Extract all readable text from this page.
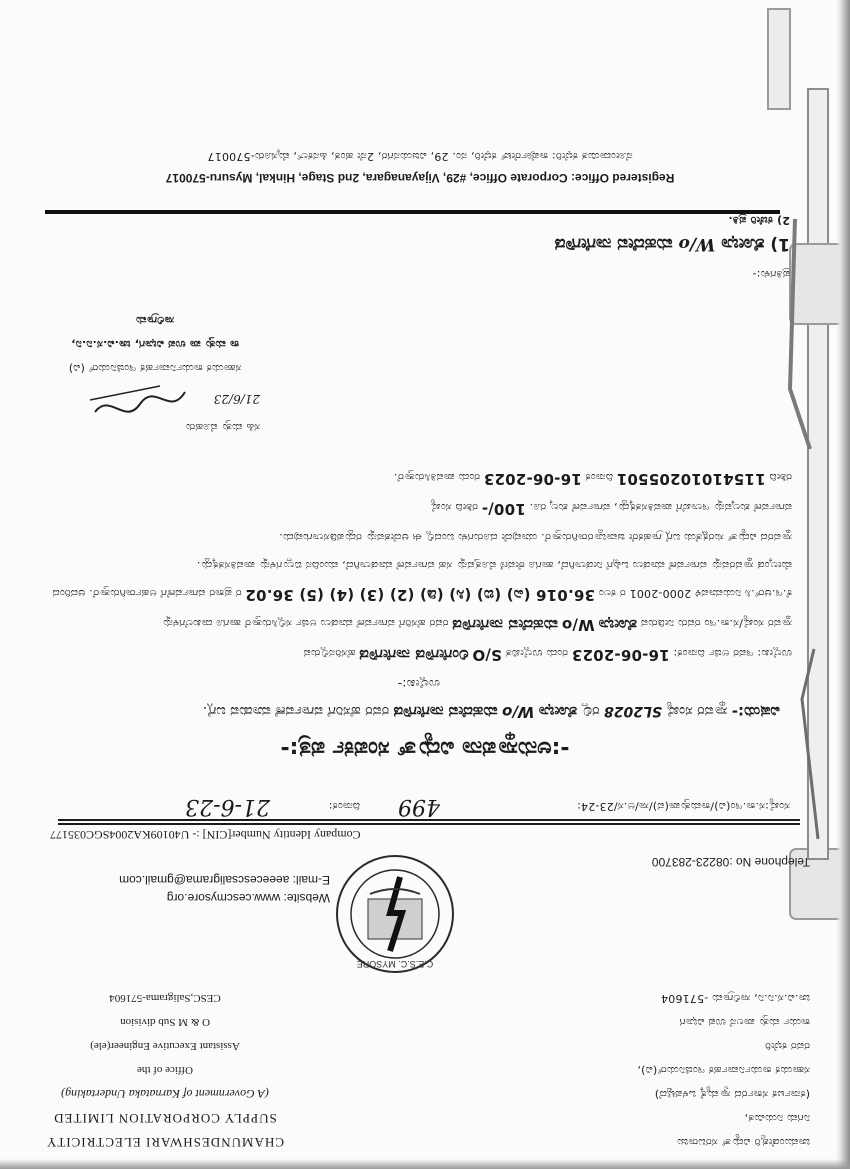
ಚಾಮುಂಡೇಶ್ವರಿ ವಿದ್ಯುತ್ ಸರಬರಾಜು
ನಿಗಮ ನಿಯಮಿತ,
(ಕರ್ನಾಟಕ ಸರ್ಕಾರದ ಸ್ವಾಮ್ಯಕ್ಕೆ ಒಳಪಟ್ಟಿದೆ)
ಸಹಾಯಕ ಕಾರ್ಯನಿರ್ವಾಹಕ ಇಂಜಿನಿಯರ್(ವಿ),
ರವರ ಕಛೇರಿ
ಕಾರ್ಯ ಮತ್ತು ಪಾಲನೆ ಉಪ ವಿಭಾಗ
ಚಾ.ವಿ.ಸ.ನಿ.ನಿ, ಸಾಲಿಗ್ರಾಮ -571604
C.E.S.C. MYSORE
CHAMUNDESHWARI ELECTRICITY
SUPPLY CORPORATION LIMITED
(A Government of Karnataka Undertaking)
Office of the
Assistant Executive Engineer(ele)
O & M Sub division
CESC,Saligrama-571604
Website: www.cescmysore.org
E-mail: aeeecescsaligrama@gmail.com
Telephone No :08223-283700
Company Identity Number[CIN] :- U40109KA2004SGC035177
ಸಂಖ್ಯೆ:ಸ.ಕಾ.ಇಂ(ವಿ)/ಕಾಮತ್ತುಪಾ(ವ)/ಸಾ/ಅ.ಸ/23-24:
499
ದಿನಾಂಕ:
21-6-23
-:ಅನುಸ್ಥಾಪನಾ ವಿದ್ಯುತ್ ಸಂಪರ್ಕ ಪತ್ರ:-
ವಿಷಯ:- ಸ್ಥಾವರ ಸಂಖ್ಯೆ SL2028 ರಲ್ಲಿ ಶೋಭಾ W/o ಮಹದೇವ ನಾಗೇಗೌಡ ರವರ ಹೆಸರಿಗೆ ವರ್ಗಾವಣೆ ಮಾಡುವ ಬಗ್ಗೆ.
ಉಲ್ಲೇಖ:-

ಉಲ್ಲೇಖ: ಇವರ ಅರ್ಜಿ ದಿನಾಂಕ: 16-06-2023 ರಂದು ಉಲ್ಲೇಖಿತ S/O ಲಿಂಗೇಗೌಡ ನಾಗೇಗೌಡ ಹೆಸರಿನಲ್ಲಿರುವ

ಸ್ಥಾವರ ಸಂಖ್ಯೆ/ಸ.ಕಾ.ಇಂ ರವರು ನೀಡಿರುವ ಶೋಭಾ W/o ಮಹದೇವ ನಾಗೇಗೌಡ ರವರ ಹೆಸರಿಗೆ ವರ್ಗಾವಣೆ ಮಾಡಲು ಅರ್ಜಿ ಸಲ್ಲಿಸಿರುತ್ತಾರೆ ಹಾಗೂ ದಾಖಲೆಗಳನ್ನು

ಕೆ.ಇ.ಆರ್.ಸಿ ನಿಯಮಾವಳಿ 2000-2001 ರ ಕಲಂ 36.016 (ಎ) (ಬಿ) (ಸಿ) (ಡಿ) (2) (3) (4) (5) 36.02 ರ ಪ್ರಕಾರ ವರ್ಗಾವಣೆಗೆ ಅರ್ಹರಾಗಿರುತ್ತಾರೆ. ಆದರಿಂದ

ಮೇಲ್ಕಂಡ ಸ್ಥಾವರವನ್ನು ವರ್ಗಾವಣೆ ಮಾಡಲು ಒಪ್ಪಿಗೆ ನೀಡಲಾಗಿದೆ, ಹಾಗೂ ಠೇವಣಿ ಮೊತ್ತವನ್ನು ಸಹ ವರ್ಗಾವಣೆ ಮಾಡಲಾಗಿದೆ, ಮುಂದಿನ ಬಿಲ್ಲುಗಳನ್ನು ಪಾವತಿಸತಕ್ಕದ್ದು.

ಸ್ಥಾವರದ ವಿದ್ಯುತ್ ಸುರಕ್ಷತೆಯ ಬಗ್ಗೆ ಗ್ರಾಹಕರೇ ಜವಾಬ್ದಾರರಾಗಿರುತ್ತಾರೆ. ಯಾವುದೇ ದೂರುಗಳು ಬಂದಲ್ಲಿ ಈ ಆದೇಶವನ್ನು ರದ್ದುಪಡಿಸಲಾಗುವುದು.

ವರ್ಗಾವಣೆ ಶುಲ್ಕವನ್ನು ಇಲಾಖೆಗೆ ಪಾವತಿಸತಕ್ಕದ್ದು, ವರ್ಗಾವಣೆ ಶುಲ್ಕ ರೂ. 100/- ರಶೀದಿ ಸಂಖ್ಯೆ

ರಶೀದಿ 11541010205501 ದಿನಾಂಕ 16-06-2023 ರಂದು ಪಾವತಿಸಿರುತ್ತಾರೆ.

ಸಹಿ ಮತ್ತು ಮೊಹರು
21/6/23
ಸಹಾಯಕ ಕಾರ್ಯನಿರ್ವಾಹಕ ಇಂಜಿನಿಯರ್ (ವಿ)
ಕಾ ಮತ್ತು ಪಾ ಉಪ ವಿಭಾಗ, ಚಾ.ವಿ.ಸ.ನಿ.ನಿ,
ಸಾಲಿಗ್ರಾಮ
ಪ್ರತಿಗಳು:-
1) ಶೋಭಾ W/o ಮಹದೇವ ನಾಗೇಗೌಡ
2) ಕಚೇರಿ ಪ್ರತಿ.
Registered Office: Corporate Office, #29, Vijayanagara, 2nd Stage, Hinkal, Mysuru-570017
ನೋಂದಾಯಿತ ಕಛೇರಿ: ಕಾರ್ಪೊರೇಟ್ ಕಛೇರಿ, ನಂ. 29, ವಿಜಯನಗರ, 2ನೇ ಹಂತ, ಹಿನಕಲ್, ಮೈಸೂರು-570017
